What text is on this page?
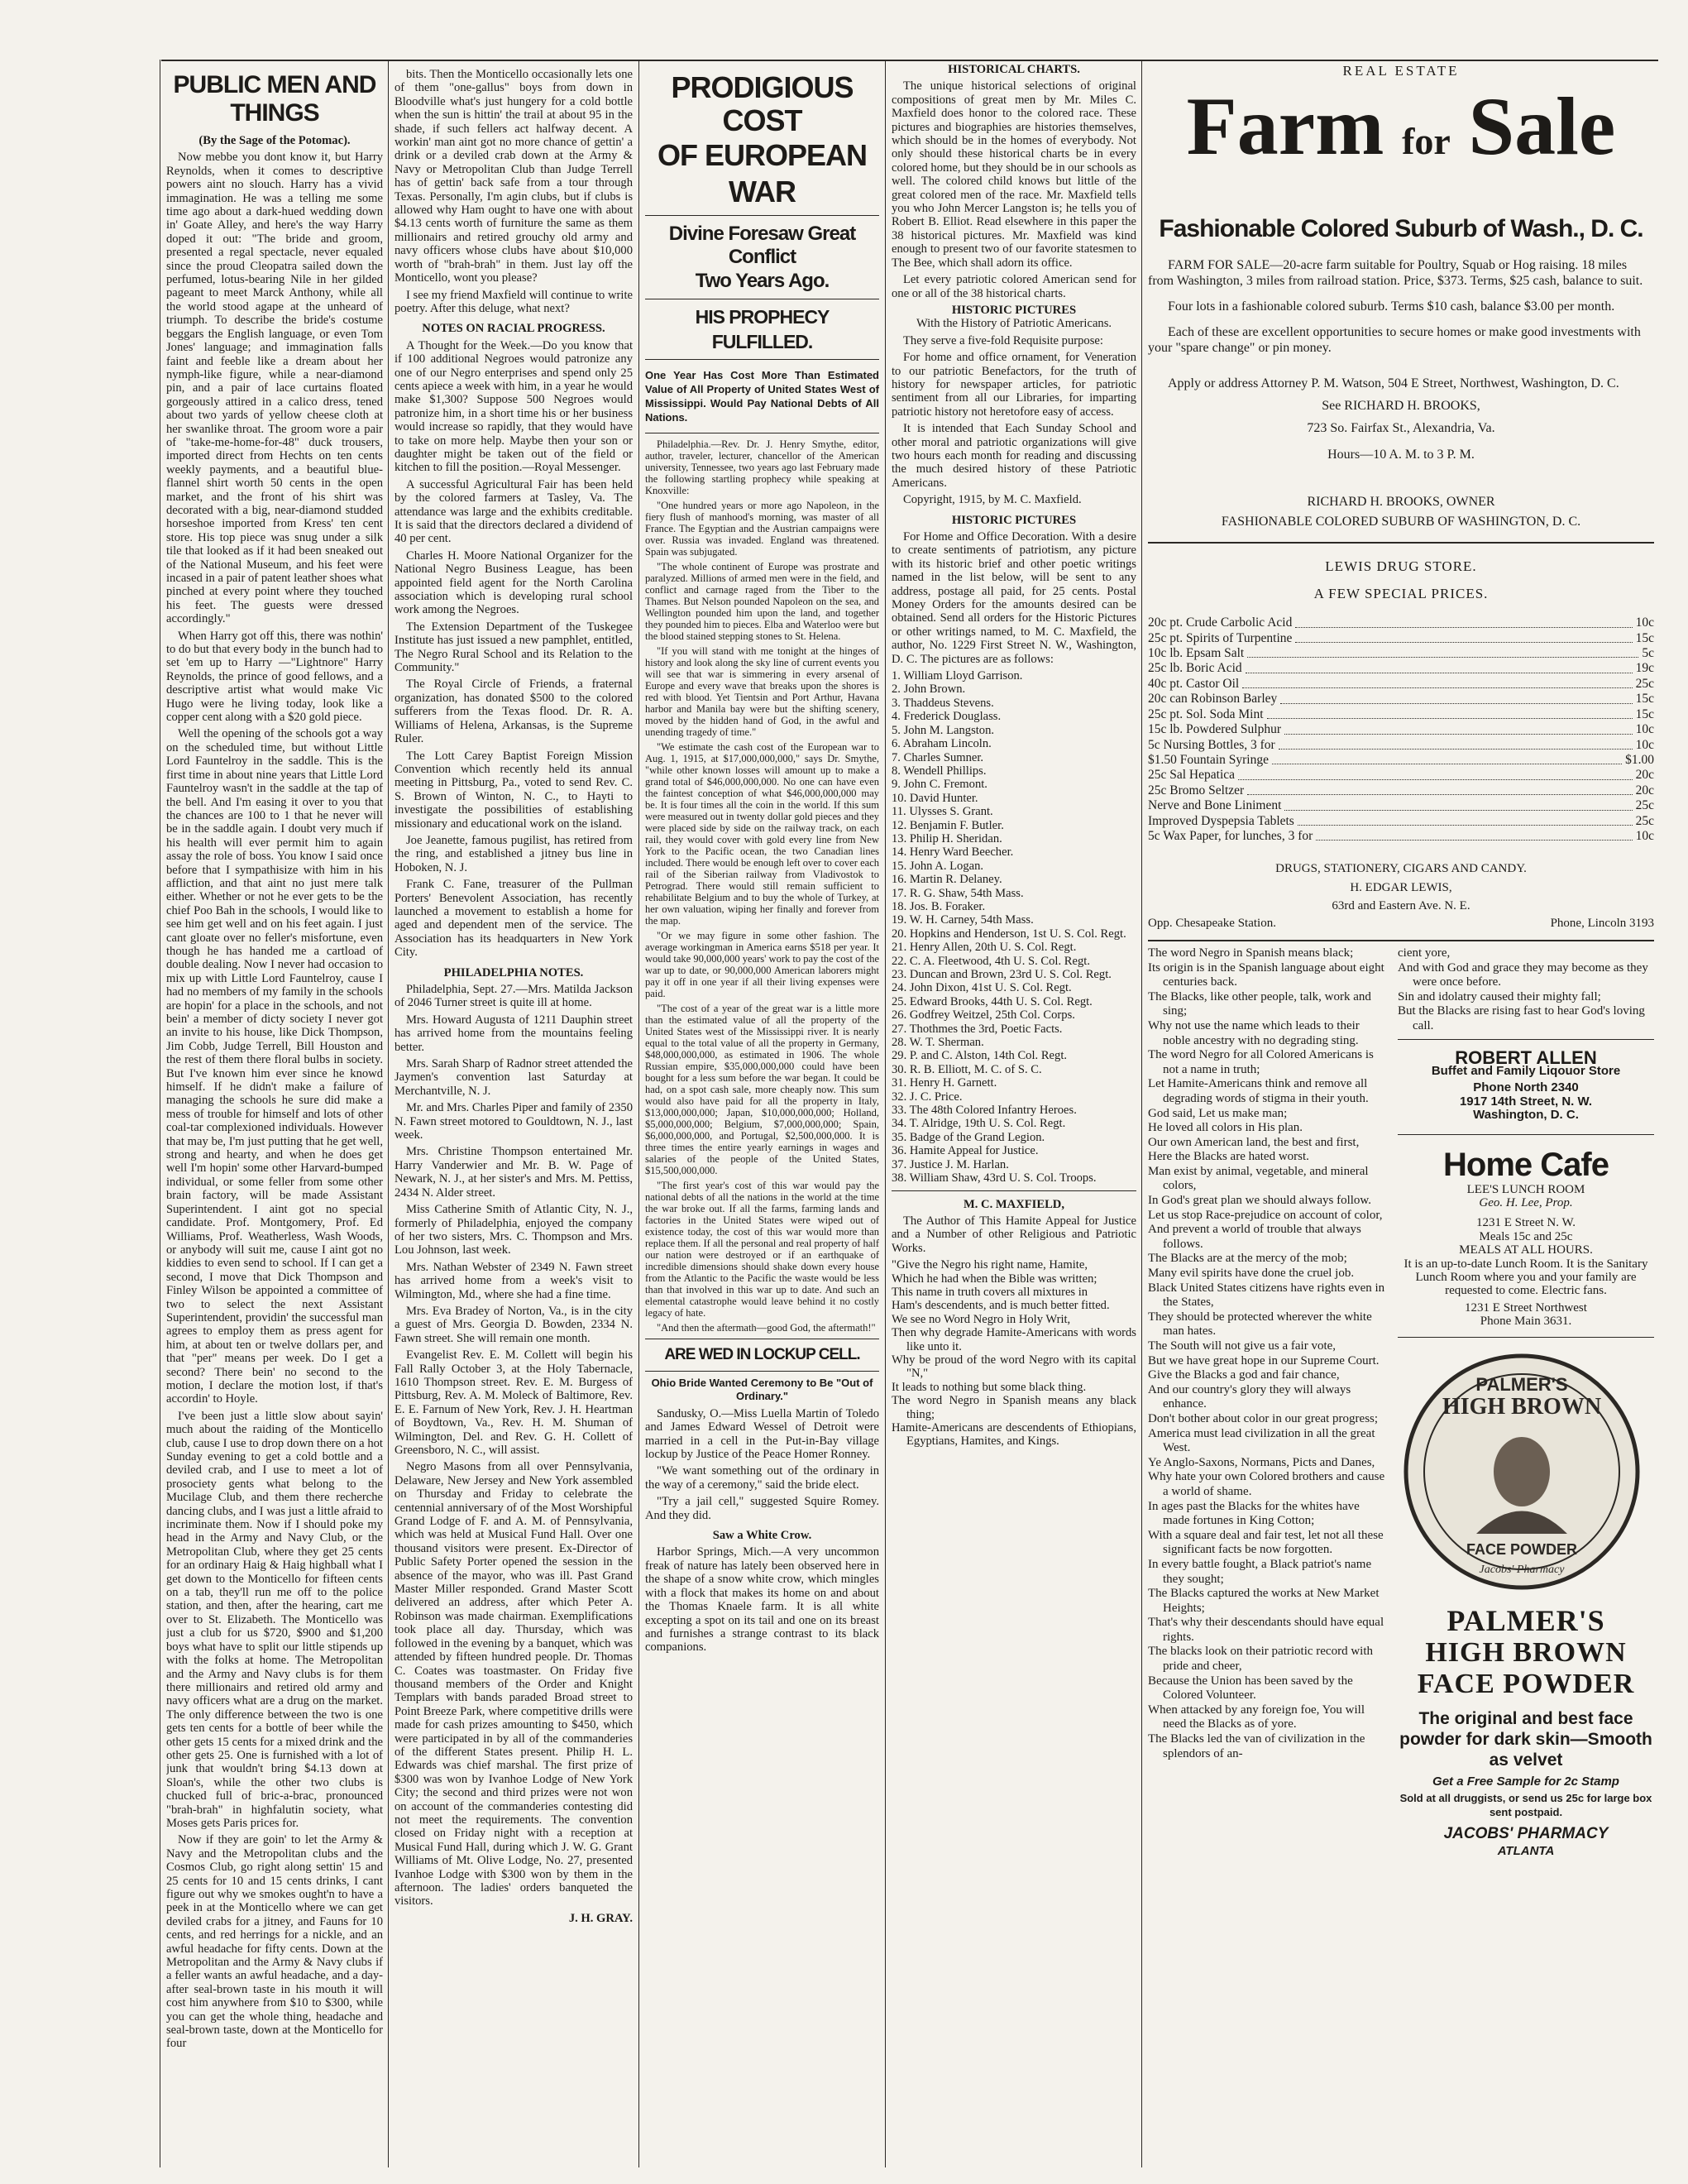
PUBLIC MEN AND THINGS

(By the Sage of the Potomac).

Now mebbe you dont know it, but Harry Reynolds, when it comes to descriptive powers aint no slouch. Harry has a vivid immagination. He was a telling me some time ago about a dark-hued wedding down in' Goate Alley, and here's the way Harry doped it out: "The bride and groom, presented a regal spectacle, never equaled since the proud Cleopatra sailed down the perfumed, lotus-bearing Nile in her gilded pageant to meet Marck Anthony, while all the world stood agape at the unheard of triumph. To describe the bride's costume beggars the English language, or even Tom Jones' language; and immagination falls faint and feeble like a dream about her nymph-like figure, while a near-diamond pin, and a pair of lace curtains floated gorgeously attired in a calico dress, tened about two yards of yellow cheese cloth at her swanlike throat. The groom wore a pair of "take-me-home-for-48" duck trousers, imported direct from Hechts on ten cents weekly payments, and a beautiful blue-flannel shirt worth 50 cents in the open market, and the front of his shirt was decorated with a big, near-diamond studded horseshoe imported from Kress' ten cent store. His top piece was snug under a silk tile that looked as if it had been sneaked out of the National Museum, and his feet were incased in a pair of patent leather shoes what pinched at every point where they touched his feet. The guests were dressed accordingly."

When Harry got off this, there was nothin' to do but that every body in the bunch had to set 'em up to Harry —"Lightnore" Harry Reynolds, the prince of good fellows, and a descriptive artist what would make Vic Hugo were he living today, look like a copper cent along with a $20 gold piece.

Well the opening of the schools got a way on the scheduled time, but without Little Lord Fauntelroy in the saddle. This is the first time in about nine years that Little Lord Fauntelroy wasn't in the saddle at the tap of the bell. And I'm easing it over to you that the chances are 100 to 1 that he never will be in the saddle again. I doubt very much if his health will ever permit him to again assay the role of boss. You know I said once before that I sympathisize with him in his affliction, and that aint no just mere talk either. Whether or not he ever gets to be the chief Poo Bah in the schools, I would like to see him get well and on his feet again. I just cant gloate over no feller's misfortune, even though he has handed me a cartload of double dealing. Now I never had occasion to mix up with Little Lord Fauntelroy, cause I had no members of my family in the schools are hopin' for a place in the schools, and not bein' a member of dicty society I never got an invite to his house, like Dick Thompson, Jim Cobb, Judge Terrell, Bill Houston and the rest of them there floral bulbs in society. But I've known him ever since he knowd himself. If he didn't make a failure of managing the schools he sure did make a mess of trouble for himself and lots of other coal-tar complexioned individuals. However that may be, I'm just putting that he get well, strong and hearty, and when he does get well I'm hopin' some other Harvard-bumped individual, or some feller from some other brain factory, will be made Assistant Superintendent. I aint got no special candidate. Prof. Montgomery, Prof. Ed Williams, Prof. Weatherless, Wash Woods, or anybody will suit me, cause I aint got no kiddies to even send to school. If I can get a second, I move that Dick Thompson and Finley Wilson be appointed a committee of two to select the next Assistant Superintendent, providin' the successful man agrees to employ them as press agent for him, at about ten or twelve dollars per, and that "per" means per week. Do I get a second? There bein' no second to the motion, I declare the motion lost, if that's accordin' to Hoyle.

I've been just a little slow about sayin' much about the raiding of the Monticello club, cause I use to drop down there on a hot Sunday evening to get a cold bottle and a deviled crab, and I use to meet a lot of prosociety gents what belong to the Mucilage Club, and them there recherche dancing clubs, and I was just a little afraid to incriminate them. Now if I should poke my head in the Army and Navy Club, or the Metropolitan Club, where they get 25 cents for an ordinary Haig & Haig highball what I get down to the Monticello for fifteen cents on a tab, they'll run me off to the police station, and then, after the hearing, cart me over to St. Elizabeth. The Monticello was just a club for us $720, $900 and $1,200 boys what have to split our little stipends up with the folks at home. The Metropolitan and the Army and Navy clubs is for them there millionairs and retired old army and navy officers what are a drug on the market. The only difference between the two is one gets ten cents for a bottle of beer while the other gets 15 cents for a mixed drink and the other gets 25. One is furnished with a lot of junk that wouldn't bring $4.13 down at Sloan's, while the other two clubs is chucked full of bric-a-brac, pronounced "brah-brah" in highfalutin society, what Moses gets Paris prices for.

Now if they are goin' to let the Army & Navy and the Metropolitan clubs and the Cosmos Club, go right along settin' 15 and 25 cents for 10 and 15 cents drinks, I cant figure out why we smokes ought'n to have a peek in at the Monticello where we can get deviled crabs for a jitney, and Fauns for 10 cents, and red herrings for a nickle, and an awful headache for fifty cents. Down at the Metropolitan and the Army & Navy clubs if a feller wants an awful headache, and a day-after seal-brown taste in his mouth it will cost him anywhere from $10 to $300, while you can get the whole thing, headache and seal-brown taste, down at the Monticello for four

bits. Then the Monticello occasionally lets one of them "one-gallus" boys from down in Bloodville what's just hungery for a cold bottle when the sun is hittin' the trail at about 95 in the shade, if such fellers act halfway decent. A workin' man aint got no more chance of gettin' a drink or a deviled crab down at the Army & Navy or Metropolitan Club than Judge Terrell has of gettin' back safe from a tour through Texas. Personally, I'm agin clubs, but if clubs is allowed why Ham ought to have one with about $4.13 cents worth of furniture the same as them millionairs and retired grouchy old army and navy officers whose clubs have about $10,000 worth of "brah-brah" in them. Just lay off the Monticello, wont you please?

I see my friend Maxfield will continue to write poetry. After this deluge, what next?

NOTES ON RACIAL PROGRESS.

A Thought for the Week.—Do you know that if 100 additional Negroes would patronize any one of our Negro enterprises and spend only 25 cents apiece a week with him, in a year he would make $1,300? Suppose 500 Negroes would patronize him, in a short time his or her business would increase so rapidly, that they would have to take on more help. Maybe then your son or daughter might be taken out of the field or kitchen to fill the position.—Royal Messenger.

A successful Agricultural Fair has been held by the colored farmers at Tasley, Va. The attendance was large and the exhibits creditable. It is said that the directors declared a dividend of 40 per cent.

Charles H. Moore National Organizer for the National Negro Business League, has been appointed field agent for the North Carolina association which is developing rural school work among the Negroes.

The Extension Department of the Tuskegee Institute has just issued a new pamphlet, entitled, The Negro Rural School and its Relation to the Community."

The Royal Circle of Friends, a fraternal organization, has donated $500 to the colored sufferers from the Texas flood. Dr. R. A. Williams of Helena, Arkansas, is the Supreme Ruler.

The Lott Carey Baptist Foreign Mission Convention which recently held its annual meeting in Pittsburg, Pa., voted to send Rev. C. S. Brown of Winton, N. C., to Hayti to investigate the possibilities of establishing missionary and educational work on the island.

Joe Jeanette, famous pugilist, has retired from the ring, and established a jitney bus line in Hoboken, N. J.

Frank C. Fane, treasurer of the Pullman Porters' Benevolent Association, has recently launched a movement to establish a home for aged and dependent men of the service. The Association has its headquarters in New York City.

PHILADELPHIA NOTES.

Philadelphia, Sept. 27.—Mrs. Matilda Jackson of 2046 Turner street is quite ill at home.

Mrs. Howard Augusta of 1211 Dauphin street has arrived home from the mountains feeling better.

Mrs. Sarah Sharp of Radnor street attended the Jaymen's convention last Saturday at Merchantville, N. J.

Mr. and Mrs. Charles Piper and family of 2350 N. Fawn street motored to Gouldtown, N. J., last week.

Mrs. Christine Thompson entertained Mr. Harry Vanderwier and Mr. B. W. Page of Newark, N. J., at her sister's and Mrs. M. Pettiss, 2434 N. Alder street.

Miss Catherine Smith of Atlantic City, N. J., formerly of Philadelphia, enjoyed the company of her two sisters, Mrs. C. Thompson and Mrs. Lou Johnson, last week.

Mrs. Nathan Webster of 2349 N. Fawn street has arrived home from a week's visit to Wilmington, Md., where she had a fine time.

Mrs. Eva Bradey of Norton, Va., is in the city a guest of Mrs. Georgia D. Bowden, 2334 N. Fawn street. She will remain one month.

Evangelist Rev. E. M. Collett will begin his Fall Rally October 3, at the Holy Tabernacle, 1610 Thompson street. Rev. E. M. Burgess of Pittsburg, Rev. A. M. Moleck of Baltimore, Rev. E. E. Farnum of New York, Rev. J. H. Heartman of Boydtown, Va., Rev. H. M. Shuman of Wilmington, Del. and Rev. G. H. Collett of Greensboro, N. C., will assist.

Negro Masons from all over Pennsylvania, Delaware, New Jersey and New York assembled on Thursday and Friday to celebrate the centennial anniversary of of the Most Worshipful Grand Lodge of F. and A. M. of Pennsylvania, which was held at Musical Fund Hall. Over one thousand visitors were present. Ex-Director of Public Safety Porter opened the session in the absence of the mayor, who was ill. Past Grand Master Miller responded. Grand Master Scott delivered an address, after which Peter A. Robinson was made chairman. Exemplifications took place all day. Thursday, which was followed in the evening by a banquet, which was attended by fifteen hundred people. Dr. Thomas C. Coates was toastmaster. On Friday five thousand members of the Order and Knight Templars with bands paraded Broad street to Point Breeze Park, where competitive drills were made for cash prizes amounting to $450, which were participated in by all of the commanderies of the different States present. Philip H. L. Edwards was chief marshal. The first prize of $300 was won by Ivanhoe Lodge of New York City; the second and third prizes were not won on account of the commanderies contesting did not meet the requirements. The convention closed on Friday night with a reception at Musical Fund Hall, during which J. W. G. Grant Williams of Mt. Olive Lodge, No. 27, presented Ivanhoe Lodge with $300 won by them in the afternoon. The ladies' orders banqueted the visitors.

J. H. GRAY.

PRODIGIOUS COST
OF EUROPEAN WAR
Divine Foresaw Great Conflict
Two Years Ago.
HIS PROPHECY FULFILLED.

One Year Has Cost More Than Estimated Value of All Property of United States West of Mississippi. Would Pay National Debts of All Nations.

Philadelphia.—Rev. Dr. J. Henry Smythe, editor, author, traveler, lecturer, chancellor of the American university, Tennessee, two years ago last February made the following startling prophecy while speaking at Knoxville:

"One hundred years or more ago Napoleon, in the fiery flush of manhood's morning, was master of all France. The Egyptian and the Austrian campaigns were over. Russia was invaded. England was threatened. Spain was subjugated.

"The whole continent of Europe was prostrate and paralyzed. Millions of armed men were in the field, and conflict and carnage raged from the Tiber to the Thames. But Nelson pounded Napoleon on the sea, and Wellington pounded him upon the land, and together they pounded him to pieces. Elba and Waterloo were but the blood stained stepping stones to St. Helena.

"If you will stand with me tonight at the hinges of history and look along the sky line of current events you will see that war is simmering in every arsenal of Europe and every wave that breaks upon the shores is red with blood. Yet Tientsin and Port Arthur, Havana harbor and Manila bay were but the shifting scenery, moved by the hidden hand of God, in the awful and unending tragedy of time."

"We estimate the cash cost of the European war to Aug. 1, 1915, at $17,000,000,000," says Dr. Smythe, "while other known losses will amount up to make a grand total of $46,000,000,000. No one can have even the faintest conception of what $46,000,000,000 may be. It is four times all the coin in the world. If this sum were measured out in twenty dollar gold pieces and they were placed side by side on the railway track, on each rail, they would cover with gold every line from New York to the Pacific ocean, the two Canadian lines included. There would be enough left over to cover each rail of the Siberian railway from Vladivostok to Petrograd. There would still remain sufficient to rehabilitate Belgium and to buy the whole of Turkey, at her own valuation, wiping her finally and forever from the map.

"Or we may figure in some other fashion. The average workingman in America earns $518 per year. It would take 90,000,000 years' work to pay the cost of the war up to date, or 90,000,000 American laborers might pay it off in one year if all their living expenses were paid.

"The cost of a year of the great war is a little more than the estimated value of all the property of the United States west of the Mississippi river. It is nearly equal to the total value of all the property in Germany, $48,000,000,000, as estimated in 1906. The whole Russian empire, $35,000,000,000 could have been bought for a less sum before the war began. It could be had, on a spot cash sale, more cheaply now. This sum would also have paid for all the property in Italy, $13,000,000,000; Japan, $10,000,000,000; Holland, $5,000,000,000; Belgium, $7,000,000,000; Spain, $6,000,000,000, and Portugal, $2,500,000,000. It is three times the entire yearly earnings in wages and salaries of the people of the United States, $15,500,000,000.

"The first year's cost of this war would pay the national debts of all the nations in the world at the time the war broke out. If all the farms, farming lands and factories in the United States were wiped out of existence today, the cost of this war would more than replace them. If all the personal and real property of half our nation were destroyed or if an earthquake of incredible dimensions should shake down every house from the Atlantic to the Pacific the waste would be less than that involved in this war up to date. And such an elemental catastrophe would leave behind it no costly legacy of hate.

"And then the aftermath—good God, the aftermath!"

ARE WED IN LOCKUP CELL.

Ohio Bride Wanted Ceremony to Be "Out of Ordinary."

Sandusky, O.—Miss Luella Martin of Toledo and James Edward Wessel of Detroit were married in a cell in the Put-in-Bay village lockup by Justice of the Peace Homer Ronney.

"We want something out of the ordinary in the way of a ceremony," said the bride elect.

"Try a jail cell," suggested Squire Romey. And they did.

Saw a White Crow.

Harbor Springs, Mich.—A very uncommon freak of nature has lately been observed here in the shape of a snow white crow, which mingles with a flock that makes its home on and about the Thomas Knaele farm. It is all white excepting a spot on its tail and one on its breast and furnishes a strange contrast to its black companions.

HISTORICAL CHARTS.

The unique historical selections of original compositions of great men by Mr. Miles C. Maxfield does honor to the colored race. These pictures and biographies are histories themselves, which should be in the homes of everybody. Not only should these historical charts be in every colored home, but they should be in our schools as well. The colored child knows but little of the great colored men of the race. Mr. Maxfield tells you who John Mercer Langston is; he tells you of Robert B. Elliot. Read elsewhere in this paper the 38 historical pictures. Mr. Maxfield was kind enough to present two of our favorite statesmen to The Bee, which shall adorn its office.

Let every patriotic colored American send for one or all of the 38 historical charts.

HISTORIC PICTURES

With the History of Patriotic Americans.

They serve a five-fold Requisite purpose:

For home and office ornament, for Veneration to our patriotic Benefactors, for the truth of history for newspaper articles, for patriotic sentiment from all our Libraries, for imparting patriotic history not heretofore easy of access.

It is intended that Each Sunday School and other moral and patriotic organizations will give two hours each month for reading and discussing the much desired history of these Patriotic Americans.

Copyright, 1915, by M. C. Maxfield.

HISTORIC PICTURES

For Home and Office Decoration. With a desire to create sentiments of patriotism, any picture with its historic brief and other poetic writings named in the list below, will be sent to any address, postage all paid, for 25 cents. Postal Money Orders for the amounts desired can be obtained. Send all orders for the Historic Pictures or other writings named, to M. C. Maxfield, the author, No. 1229 First Street N. W., Washington, D. C. The pictures are as follows:

1. William Lloyd Garrison.

2. John Brown.

3. Thaddeus Stevens.

4. Frederick Douglass.

5. John M. Langston.

6. Abraham Lincoln.

7. Charles Sumner.

8. Wendell Phillips.

9. John C. Fremont.

10. David Hunter.

11. Ulysses S. Grant.

12. Benjamin F. Butler.

13. Philip H. Sheridan.

14. Henry Ward Beecher.

15. John A. Logan.

16. Martin R. Delaney.

17. R. G. Shaw, 54th Mass.

18. Jos. B. Foraker.

19. W. H. Carney, 54th Mass.

20. Hopkins and Henderson, 1st U. S. Col. Regt.

21. Henry Allen, 20th U. S. Col. Regt.

22. C. A. Fleetwood, 4th U. S. Col. Regt.

23. Duncan and Brown, 23rd U. S. Col. Regt.

24. John Dixon, 41st U. S. Col. Regt.

25. Edward Brooks, 44th U. S. Col. Regt.

26. Godfrey Weitzel, 25th Col. Corps.

27. Thothmes the 3rd, Poetic Facts.

28. W. T. Sherman.

29. P. and C. Alston, 14th Col. Regt.

30. R. B. Elliott, M. C. of S. C.

31. Henry H. Garnett.

32. J. C. Price.

33. The 48th Colored Infantry Heroes.

34. T. Alridge, 19th U. S. Col. Regt.

35. Badge of the Grand Legion.

36. Hamite Appeal for Justice.

37. Justice J. M. Harlan.

38. William Shaw, 43rd U. S. Col. Troops.

M. C. MAXFIELD,

The Author of This Hamite Appeal for Justice and a Number of other Religious and Patriotic Works.

"Give the Negro his right name, Hamite,

Which he had when the Bible was written;

This name in truth covers all mixtures in

Ham's descendents, and is much better fitted.

We see no Word Negro in Holy Writ,

Then why degrade Hamite-Americans with words like unto it.

Why be proud of the word Negro with its capital "N,"

It leads to nothing but some black thing.

The word Negro in Spanish means any black thing;

Hamite-Americans are descendents of Ethiopians, Egyptians, Hamites, and Kings.

REAL ESTATE
Farm for Sale
Fashionable Colored Suburb of Wash., D. C.

FARM FOR SALE—20-acre farm suitable for Poultry, Squab or Hog raising. 18 miles from Washington, 3 miles from railroad station. Price, $373. Terms, $25 cash, balance to suit.

Four lots in a fashionable colored suburb. Terms $10 cash, balance $3.00 per month.

Each of these are excellent opportunities to secure homes or make good investments with your "spare change" or pin money.

Apply or address Attorney P. M. Watson, 504 E Street, Northwest, Washington, D. C.

See RICHARD H. BROOKS,

723 So. Fairfax St., Alexandria, Va.

Hours—10 A. M. to 3 P. M.

RICHARD H. BROOKS, OWNER

FASHIONABLE COLORED SUBURB OF WASHINGTON, D. C.

LEWIS DRUG STORE.

A FEW SPECIAL PRICES.

20c pt. Crude Carbolic Acid	10c
25c pt. Spirits of Turpentine	15c
10c lb. Epsam Salt	5c
25c lb. Boric Acid	19c
40c pt. Castor Oil	25c
20c can Robinson Barley	15c
25c pt. Sol. Soda Mint	15c
15c lb. Powdered Sulphur	10c
5c Nursing Bottles, 3 for	10c
$1.50 Fountain Syringe	$1.00
25c Sal Hepatica	20c
25c Bromo Seltzer	20c
Nerve and Bone Liniment	25c
Improved Dyspepsia Tablets	25c
5c Wax Paper, for lunches, 3 for	10c

DRUGS, STATIONERY, CIGARS AND CANDY.

H. EDGAR LEWIS,

63rd and Eastern Ave. N. E.

Opp. Chesapeake Station.	Phone, Lincoln 3193

The word Negro in Spanish means black;

Its origin is in the Spanish language about eight centuries back.

The Blacks, like other people, talk, work and sing;

Why not use the name which leads to their noble ancestry with no degrading sting.

The word Negro for all Colored Americans is not a name in truth;

Let Hamite-Americans think and remove all degrading words of stigma in their youth.

God said, Let us make man;

He loved all colors in His plan.

Our own American land, the best and first,

Here the Blacks are hated worst.

Man exist by animal, vegetable, and mineral colors,

In God's great plan we should always follow.

Let us stop Race-prejudice on account of color,

And prevent a world of trouble that always follows.

The Blacks are at the mercy of the mob;

Many evil spirits have done the cruel job.

Black United States citizens have rights even in the States,

They should be protected wherever the white man hates.

The South will not give us a fair vote,

But we have great hope in our Supreme Court.

Give the Blacks a god and fair chance,

And our country's glory they will always enhance.

Don't bother about color in our great progress;

America must lead civilization in all the great West.

Ye Anglo-Saxons, Normans, Picts and Danes,

Why hate your own Colored brothers and cause a world of shame.

In ages past the Blacks for the whites have made fortunes in King Cotton;

With a square deal and fair test, let not all these significant facts be now forgotten.

In every battle fought, a Black patriot's name they sought;

The Blacks captured the works at New Market Heights;

That's why their descendants should have equal rights.

The blacks look on their patriotic record with pride and cheer,

Because the Union has been saved by the Colored Volunteer.

When attacked by any foreign foe, You will need the Blacks as of yore.

The Blacks led the van of civilization in the splendors of an-

cient yore,

And with God and grace they may become as they were once before.

Sin and idolatry caused their mighty fall;

But the Blacks are rising fast to hear God's loving call.

ROBERT ALLEN
Buffet and Family Liqouor Store
Phone North 2340
1917 14th Street, N. W.
Washington, D. C.
Home Cafe
LEE'S LUNCH ROOM
Geo. H. Lee, Prop.
1231 E Street N. W.
Meals 15c and 25c
MEALS AT ALL HOURS.

It is an up-to-date Lunch Room. It is the Sanitary Lunch Room where you and your family are requested to come. Electric fans.

1231 E Street Northwest
Phone Main 3631.
PALMER'S
HIGH BROWN
FACE POWDER
Jacobs' Pharmacy
PALMER'S
HIGH BROWN
FACE POWDER

The original and best face powder for dark skin—Smooth as velvet

Get a Free Sample for 2c Stamp

Sold at all druggists, or send us 25c for large box sent postpaid.

JACOBS' PHARMACY

ATLANTA
